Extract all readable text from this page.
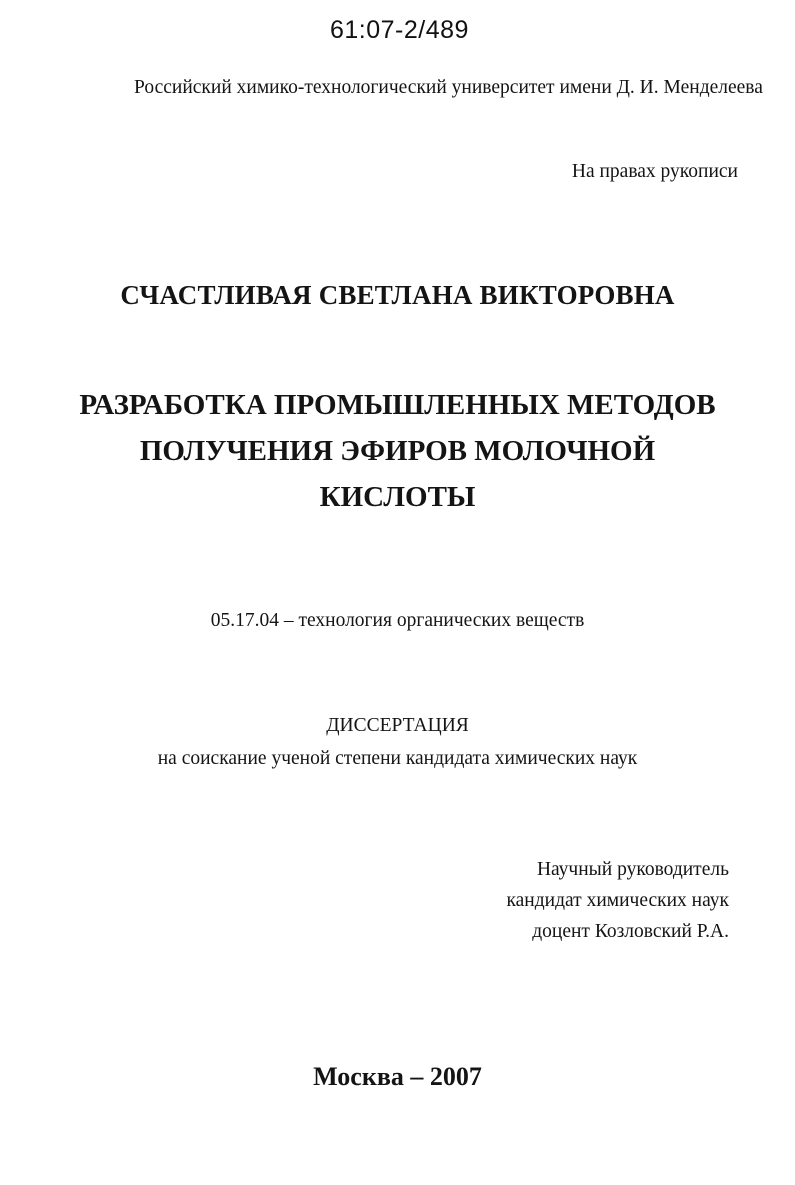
61:07-2/489
Российский химико-технологический университет имени Д. И. Менделеева
На правах рукописи
СЧАСТЛИВАЯ СВЕТЛАНА ВИКТОРОВНА
РАЗРАБОТКА ПРОМЫШЛЕННЫХ МЕТОДОВ
ПОЛУЧЕНИЯ ЭФИРОВ МОЛОЧНОЙ
КИСЛОТЫ
05.17.04 – технология органических веществ
ДИССЕРТАЦИЯ
на соискание ученой степени кандидата химических наук
Научный руководитель
кандидат химических наук
доцент Козловский Р.А.
Москва – 2007
